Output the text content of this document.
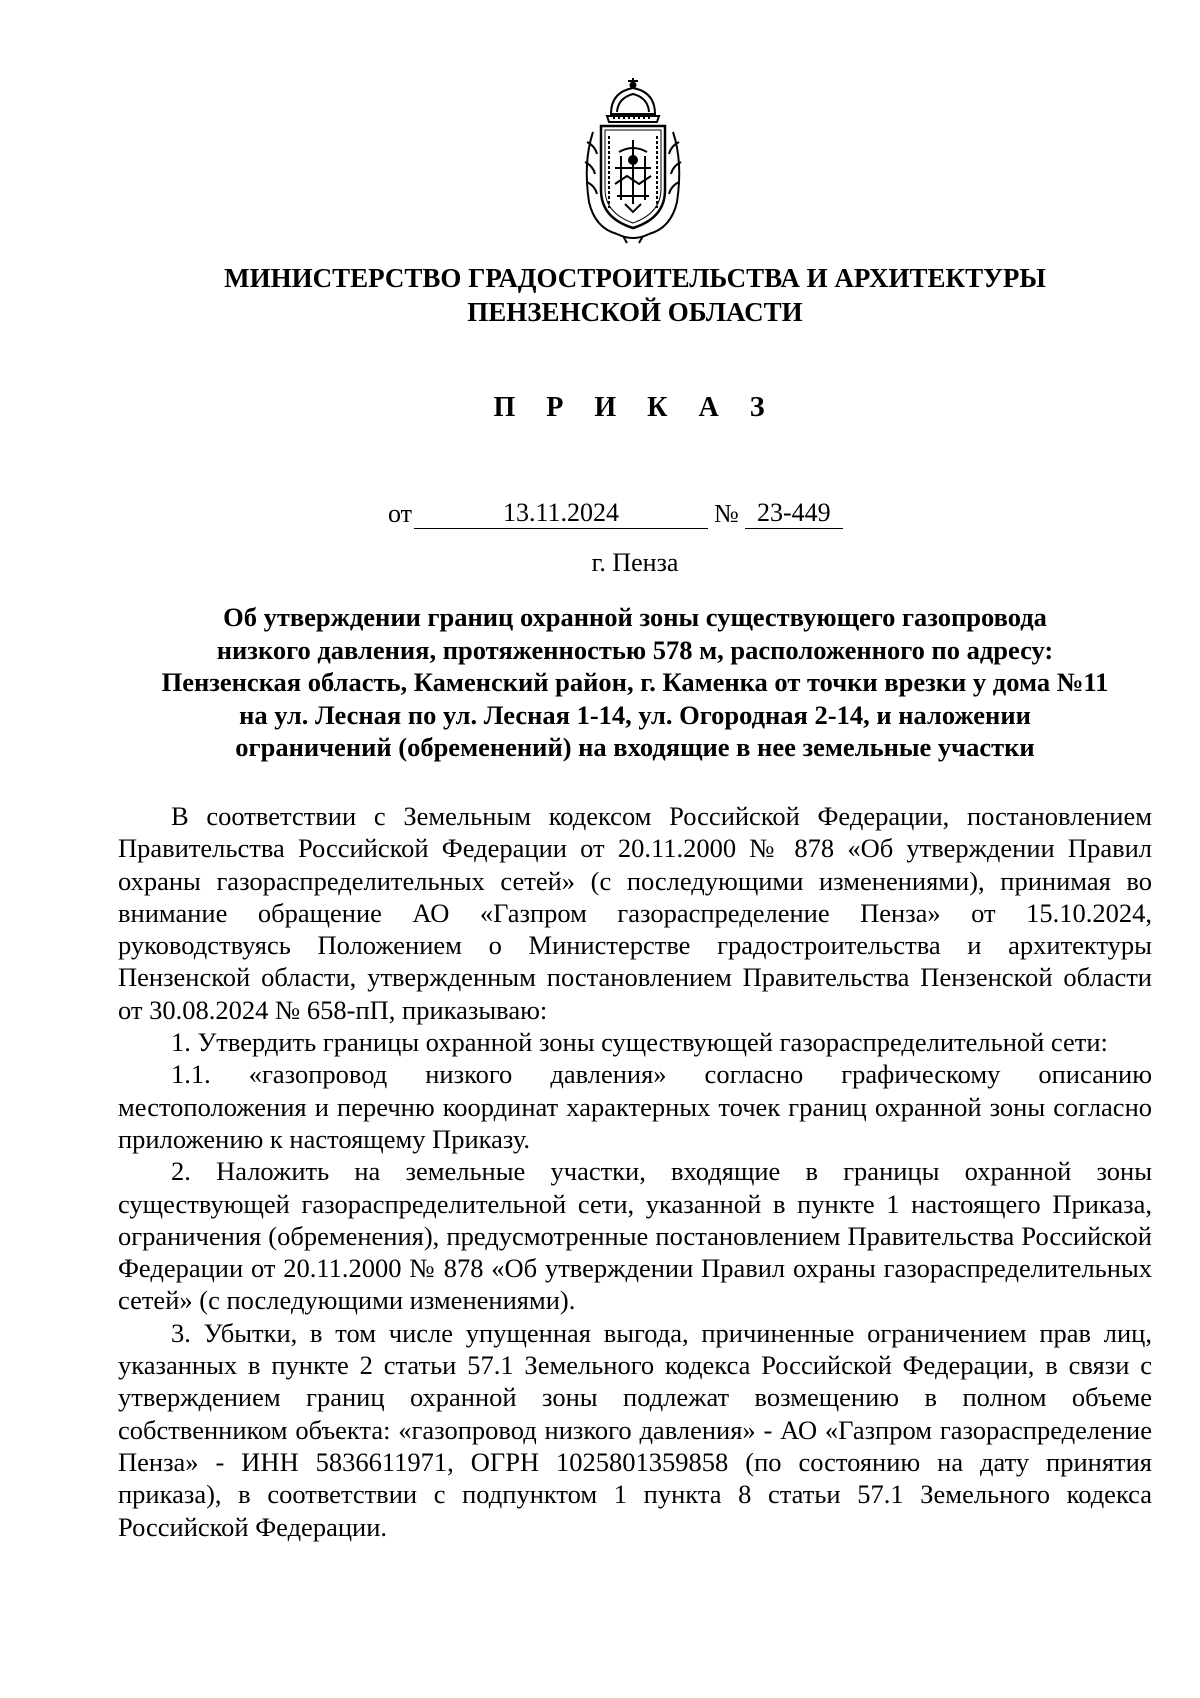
МИНИСТЕРСТВО ГРАДОСТРОИТЕЛЬСТВА И АРХИТЕКТУРЫ
ПЕНЗЕНСКОЙ ОБЛАСТИ
П Р И К А З
от	13.11.2024	№ 23-449
г. Пенза
Об утверждении границ охранной зоны существующего газопровода
низкого давления, протяженностью 578 м, расположенного по адресу:
Пензенская область, Каменский район, г. Каменка от точки врезки у дома №11
на ул. Лесная по ул. Лесная 1-14, ул. Огородная 2-14, и наложении
ограничений (обременений) на входящие в нее земельные участки

В соответствии с Земельным кодексом Российской Федерации, постановлением Правительства Российской Федерации от 20.11.2000 № 878 «Об утверждении Правил охраны газораспределительных сетей» (с последующими изменениями), принимая во внимание обращение АО «Газпром газораспределение Пенза» от 15.10.2024, руководствуясь Положением о Министерстве градостроительства и архитектуры Пензенской области, утвержденным постановлением Правительства Пензенской области от 30.08.2024 № 658-пП, приказываю:

1. Утвердить границы охранной зоны существующей газораспределительной сети:

1.1. «газопровод низкого давления» согласно графическому описанию местоположения и перечню координат характерных точек границ охранной зоны согласно приложению к настоящему Приказу.

2. Наложить на земельные участки, входящие в границы охранной зоны существующей газораспределительной сети, указанной в пункте 1 настоящего Приказа, ограничения (обременения), предусмотренные постановлением Правительства Российской Федерации от 20.11.2000 № 878 «Об утверждении Правил охраны газораспределительных сетей» (с последующими изменениями).

3. Убытки, в том числе упущенная выгода, причиненные ограничением прав лиц, указанных в пункте 2 статьи 57.1 Земельного кодекса Российской Федерации, в связи с утверждением границ охранной зоны подлежат возмещению в полном объеме собственником объекта: «газопровод низкого давления» - АО «Газпром газораспределение Пенза» - ИНН 5836611971, ОГРН 1025801359858 (по состоянию на дату принятия приказа), в соответствии с подпунктом 1 пункта 8 статьи 57.1 Земельного кодекса Российской Федерации.
